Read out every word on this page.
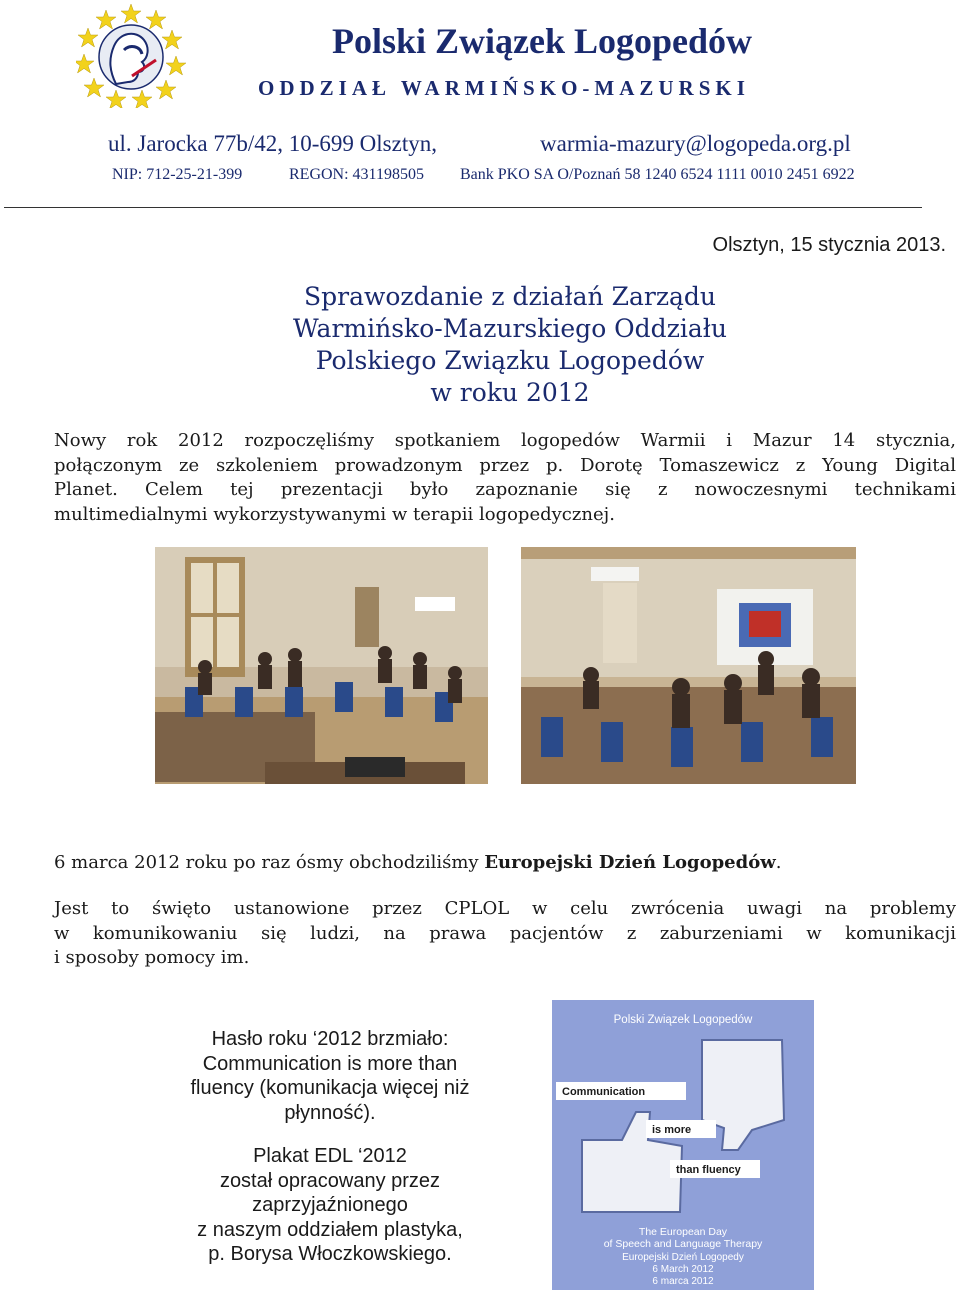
Polski Związek Logopedów
ODDZIAŁ WARMIŃSKO-MAZURSKI
ul. Jarocka 77b/42, 10-699 Olsztyn,	warmia-mazury@logopeda.org.pl
NIP: 712-25-21-399	REGON: 431198505 Bank PKO SA O/Poznań 58 1240 6524 1111 0010 2451 6922
Olsztyn, 15 stycznia 2013.
Sprawozdanie z działań Zarządu
Warmińsko-Mazurskiego Oddziału
Polskiego Związku Logopedów
w roku 2012
Nowy rok 2012 rozpoczęliśmy spotkaniem logopedów Warmii i Mazur 14 stycznia,
połączonym ze szkoleniem prowadzonym przez p. Dorotę Tomaszewicz z Young Digital
Planet. Celem tej prezentacji było zapoznanie się z nowoczesnymi technikami
multimedialnymi wykorzystywanymi w terapii logopedycznej.
6 marca 2012 roku po raz ósmy obchodziliśmy Europejski Dzień Logopedów.
Jest to święto ustanowione przez CPLOL w celu zwrócenia uwagi na problemy
w komunikowaniu się ludzi, na prawa pacjentów z zaburzeniami w komunikacji
i sposoby pomocy im.
Hasło roku ‘2012 brzmiało:
Communication is more than
fluency (komunikacja więcej niż
płynność).
Plakat EDL ‘2012
został opracowany przez
zaprzyjaźnionego
z naszym oddziałem plastyka,
p. Borysa Włoczkowskiego.
Polski Związek Logopedów
Communication
is more
than fluency
The European Day
of Speech and Language Therapy
Europejski Dzień Logopedy
6 March 2012
6 marca 2012
